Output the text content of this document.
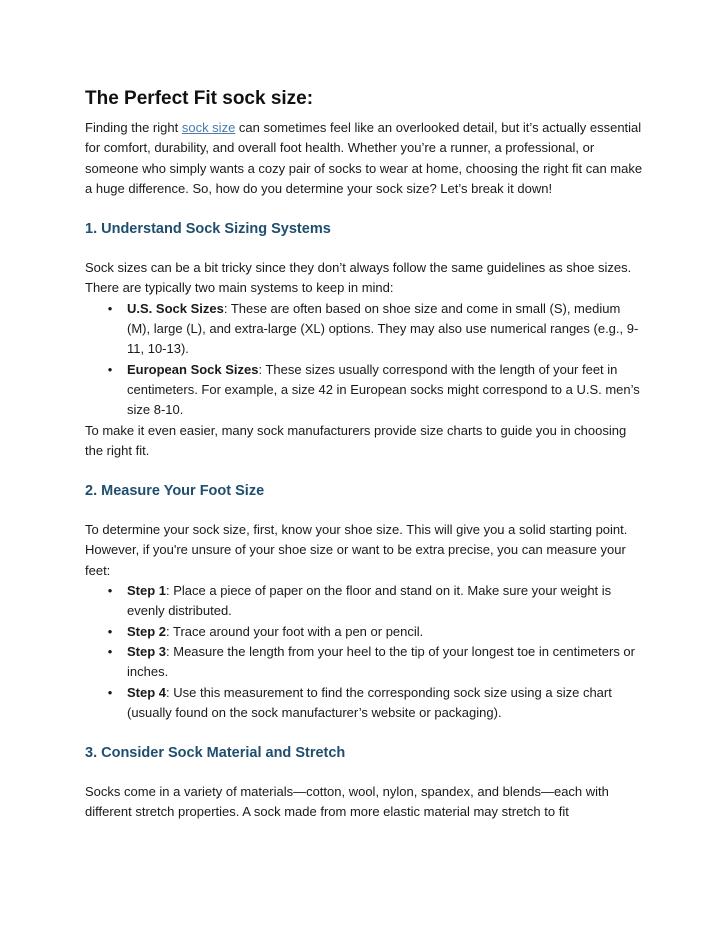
The Perfect Fit sock size:

Finding the right sock size can sometimes feel like an overlooked detail, but it’s actually essential for comfort, durability, and overall foot health. Whether you’re a runner, a professional, or someone who simply wants a cozy pair of socks to wear at home, choosing the right fit can make a huge difference. So, how do you determine your sock size? Let’s break it down!

1. Understand Sock Sizing Systems

Sock sizes can be a bit tricky since they don’t always follow the same guidelines as shoe sizes. There are typically two main systems to keep in mind:

• U.S. Sock Sizes: These are often based on shoe size and come in small (S), medium (M), large (L), and extra-large (XL) options. They may also use numerical ranges (e.g., 9-11, 10-13).
• European Sock Sizes: These sizes usually correspond with the length of your feet in centimeters. For example, a size 42 in European socks might correspond to a U.S. men’s size 8-10.

To make it even easier, many sock manufacturers provide size charts to guide you in choosing the right fit.

2. Measure Your Foot Size

To determine your sock size, first, know your shoe size. This will give you a solid starting point. However, if you're unsure of your shoe size or want to be extra precise, you can measure your feet:

• Step 1: Place a piece of paper on the floor and stand on it. Make sure your weight is evenly distributed.
• Step 2: Trace around your foot with a pen or pencil.
• Step 3: Measure the length from your heel to the tip of your longest toe in centimeters or inches.
• Step 4: Use this measurement to find the corresponding sock size using a size chart (usually found on the sock manufacturer’s website or packaging).
3. Consider Sock Material and Stretch

Socks come in a variety of materials—cotton, wool, nylon, spandex, and blends—each with different stretch properties. A sock made from more elastic material may stretch to fit
